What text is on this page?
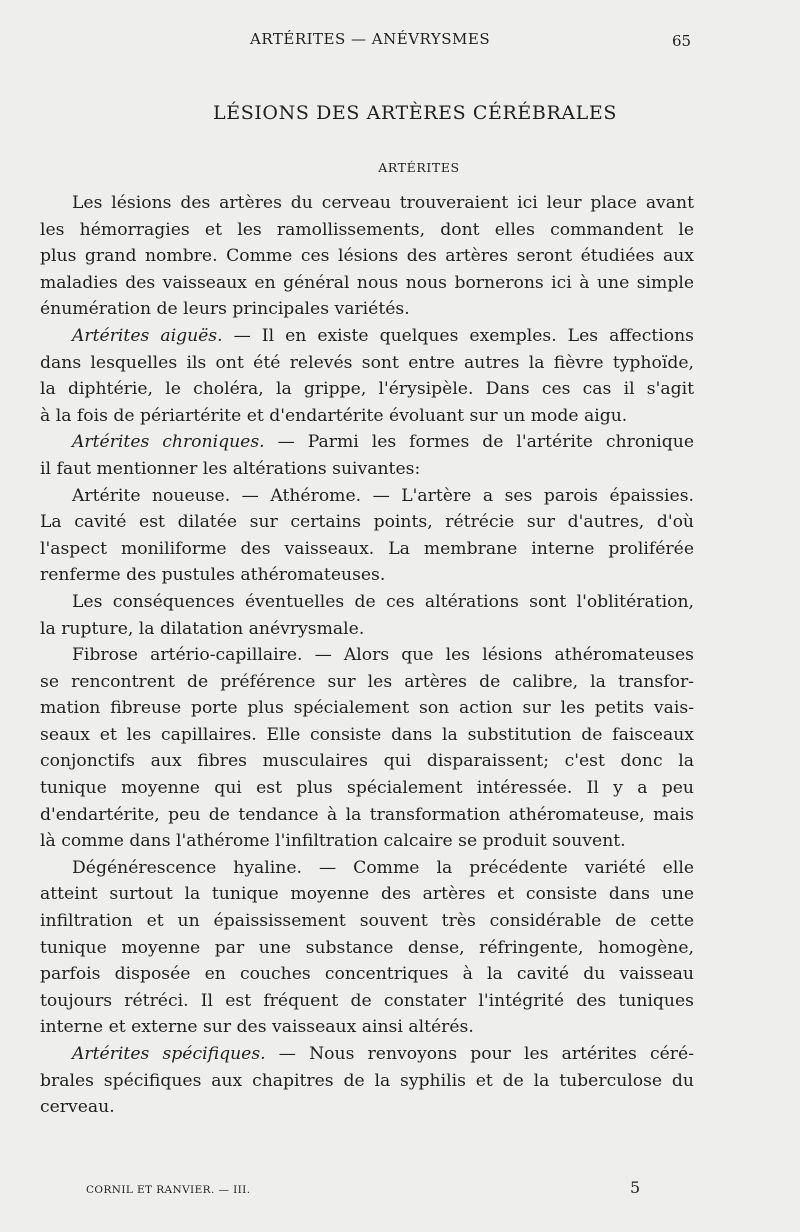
ARTÉRITES — ANÉVRYSMES	65
LÉSIONS DES ARTÈRES CÉRÉBRALES
ARTÉRITES
Les lésions des artères du cerveau trouveraient ici leur place avant
les hémorragies et les ramollissements, dont elles commandent le
plus grand nombre. Comme ces lésions des artères seront étudiées aux
maladies des vaisseaux en général nous nous bornerons ici à une simple
énumération de leurs principales variétés.
Artérites aiguës. — Il en existe quelques exemples. Les affections
dans lesquelles ils ont été relevés sont entre autres la fièvre typhoïde,
la diphtérie, le choléra, la grippe, l'érysipèle. Dans ces cas il s'agit
à la fois de périartérite et d'endartérite évoluant sur un mode aigu.
Artérites chroniques. — Parmi les formes de l'artérite chronique
il faut mentionner les altérations suivantes:
Artérite noueuse. — Athérome. — L'artère a ses parois épaissies.
La cavité est dilatée sur certains points, rétrécie sur d'autres, d'où
l'aspect moniliforme des vaisseaux. La membrane interne proliférée
renferme des pustules athéromateuses.
Les conséquences éventuelles de ces altérations sont l'oblitération,
la rupture, la dilatation anévrysmale.
Fibrose artério-capillaire. — Alors que les lésions athéromateuses
se rencontrent de préférence sur les artères de calibre, la transfor-
mation fibreuse porte plus spécialement son action sur les petits vais-
seaux et les capillaires. Elle consiste dans la substitution de faisceaux
conjonctifs aux fibres musculaires qui disparaissent; c'est donc la
tunique moyenne qui est plus spécialement intéressée. Il y a peu
d'endartérite, peu de tendance à la transformation athéromateuse, mais
là comme dans l'athérome l'infiltration calcaire se produit souvent.
Dégénérescence hyaline. — Comme la précédente variété elle
atteint surtout la tunique moyenne des artères et consiste dans une
infiltration et un épaississement souvent très considérable de cette
tunique moyenne par une substance dense, réfringente, homogène,
parfois disposée en couches concentriques à la cavité du vaisseau
toujours rétréci. Il est fréquent de constater l'intégrité des tuniques
interne et externe sur des vaisseaux ainsi altérés.
Artérites spécifiques. — Nous renvoyons pour les artérites céré-
brales spécifiques aux chapitres de la syphilis et de la tuberculose du
cerveau.
CORNIL ET RANVIER. — III.	5
